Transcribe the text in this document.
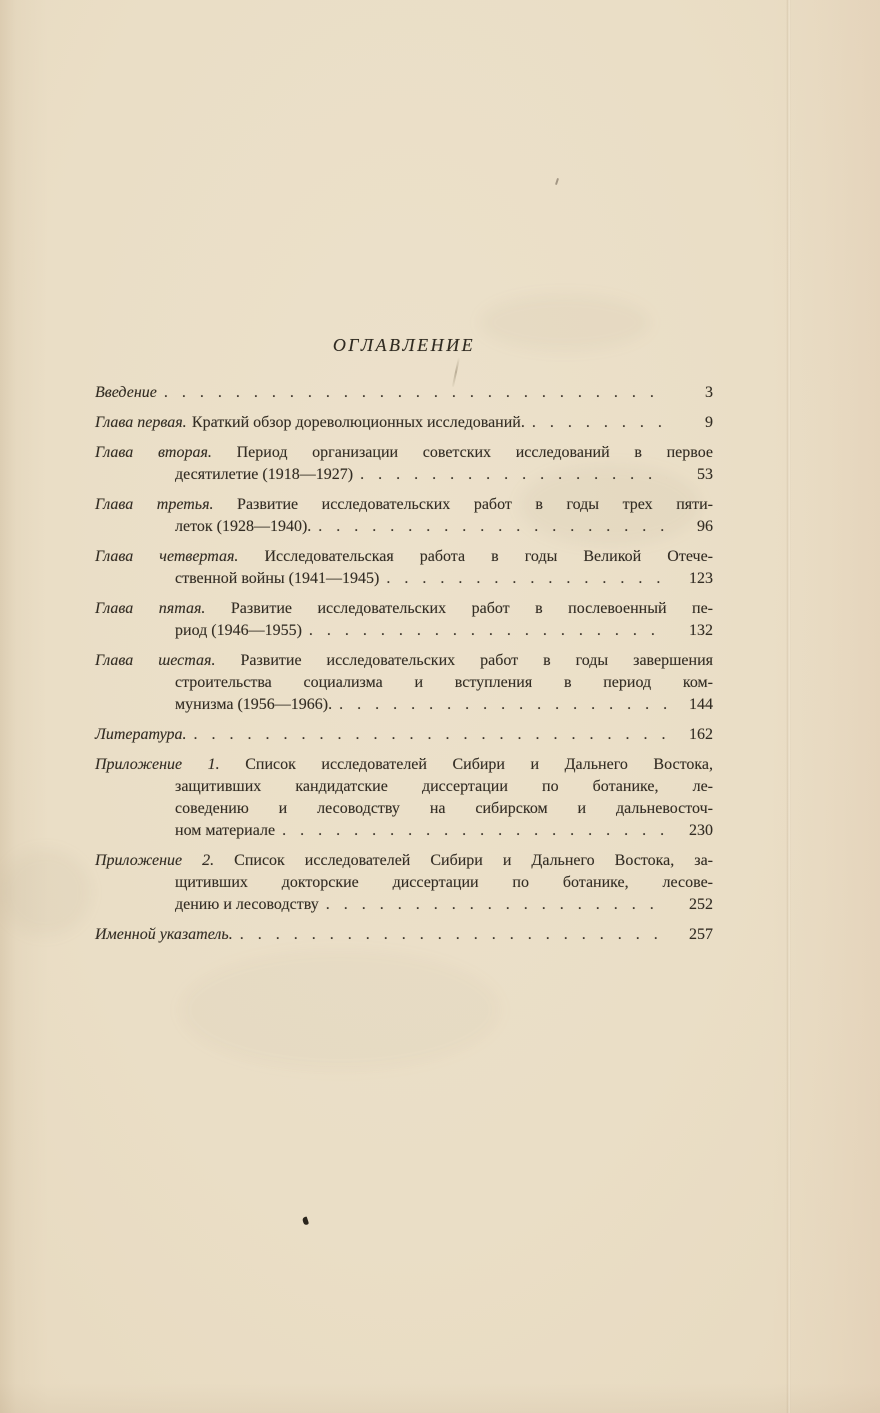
ОГЛАВЛЕНИЕ
Введение . . .	3
Глава первая. Краткий обзор дореволюционных исследований. . . .	9
Глава вторая. Период организации советских исследований в первое
десятилетие (1918—1927) . . .	53
Глава третья. Развитие исследовательских работ в годы трех пяти-
леток (1928—1940). . . .	96
Глава четвертая. Исследовательская работа в годы Великой Отече-
ственной войны (1941—1945) . . .	123
Глава пятая. Развитие исследовательских работ в послевоенный пе-
риод (1946—1955) . . .	132
Глава шестая. Развитие исследовательских работ в годы завершения
строительства социализма и вступления в период ком-
мунизма (1956—1966). . . .	144
Литература. . . .	162
Приложение 1. Список исследователей Сибири и Дальнего Востока,
защитивших кандидатские диссертации по ботанике, ле-
соведению и лесоводству на сибирском и дальневосточ-
ном материале . . .	230
Приложение 2. Список исследователей Сибири и Дальнего Востока, за-
щитивших докторские диссертации по ботанике, лесове-
дению и лесоводству . . .	252
Именной указатель. . . .	257
